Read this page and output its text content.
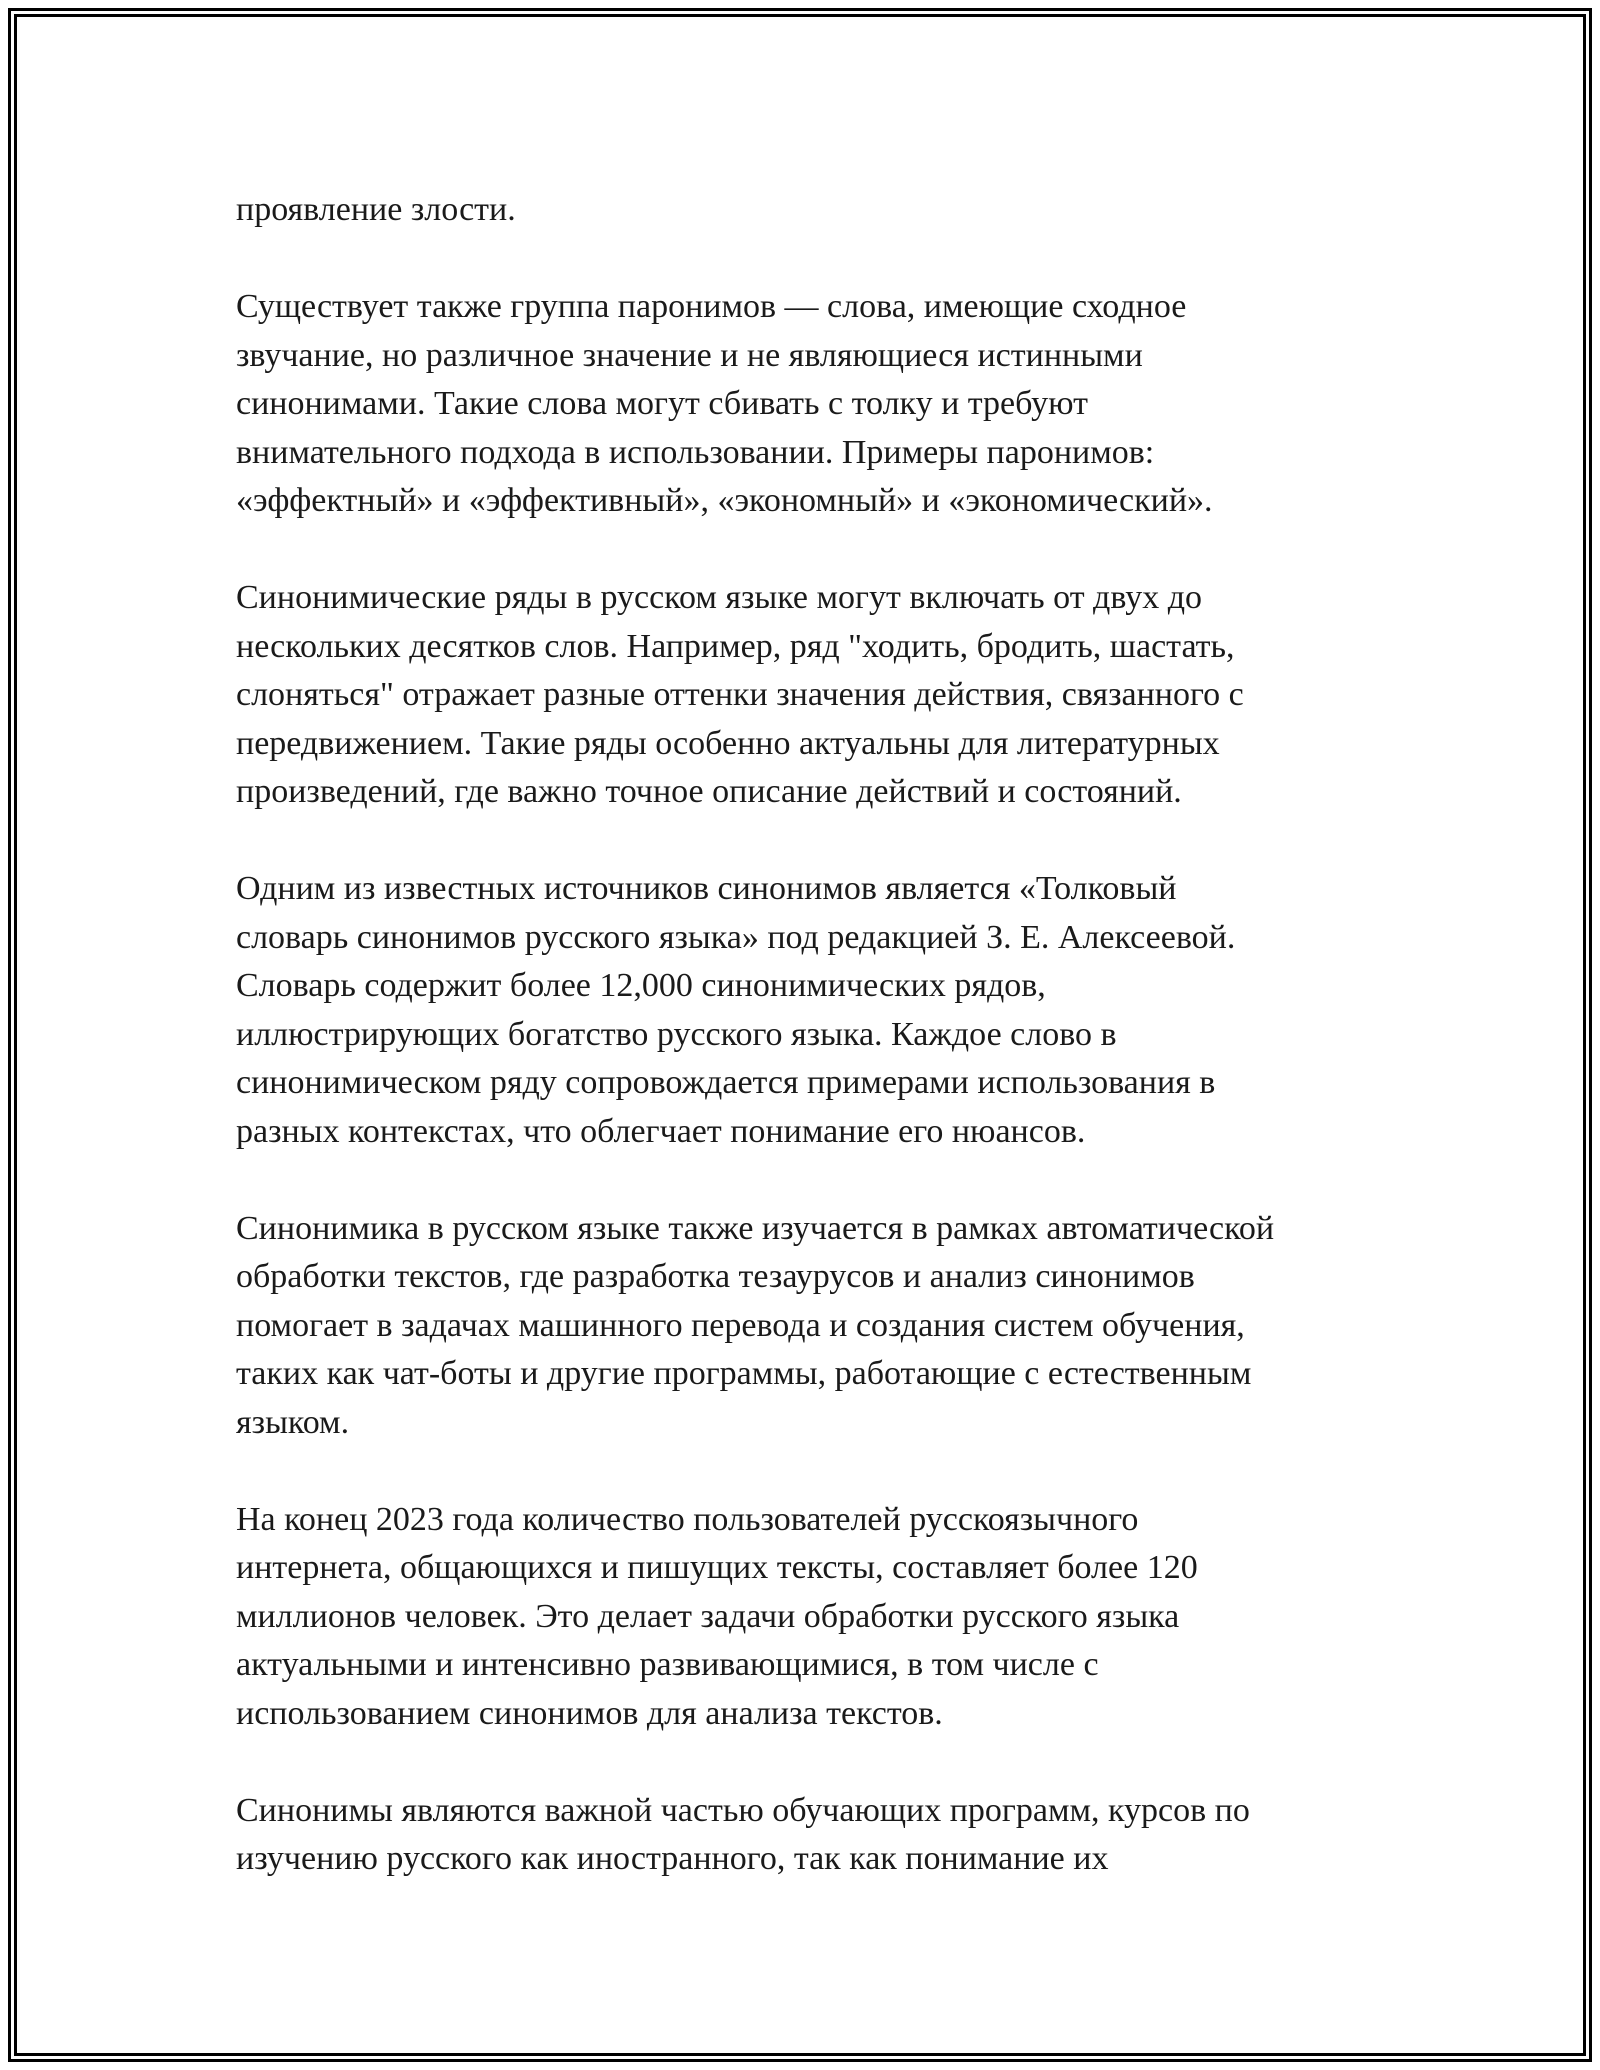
проявление злости.

Существует также группа паронимов — слова, имеющие сходное
звучание, но различное значение и не являющиеся истинными
синонимами. Такие слова могут сбивать с толку и требуют
внимательного подхода в использовании. Примеры паронимов:
«эффектный» и «эффективный», «экономный» и «экономический».

Синонимические ряды в русском языке могут включать от двух до
нескольких десятков слов. Например, ряд "ходить, бродить, шастать,
слоняться" отражает разные оттенки значения действия, связанного с
передвижением. Такие ряды особенно актуальны для литературных
произведений, где важно точное описание действий и состояний.

Одним из известных источников синонимов является «Толковый
словарь синонимов русского языка» под редакцией З. Е. Алексеевой.
Словарь содержит более 12,000 синонимических рядов,
иллюстрирующих богатство русского языка. Каждое слово в
синонимическом ряду сопровождается примерами использования в
разных контекстах, что облегчает понимание его нюансов.

Синонимика в русском языке также изучается в рамках автоматической
обработки текстов, где разработка тезаурусов и анализ синонимов
помогает в задачах машинного перевода и создания систем обучения,
таких как чат-боты и другие программы, работающие с естественным
языком.

На конец 2023 года количество пользователей русскоязычного
интернета, общающихся и пишущих тексты, составляет более 120
миллионов человек. Это делает задачи обработки русского языка
актуальными и интенсивно развивающимися, в том числе с
использованием синонимов для анализа текстов.

Синонимы являются важной частью обучающих программ, курсов по
изучению русского как иностранного, так как понимание их
